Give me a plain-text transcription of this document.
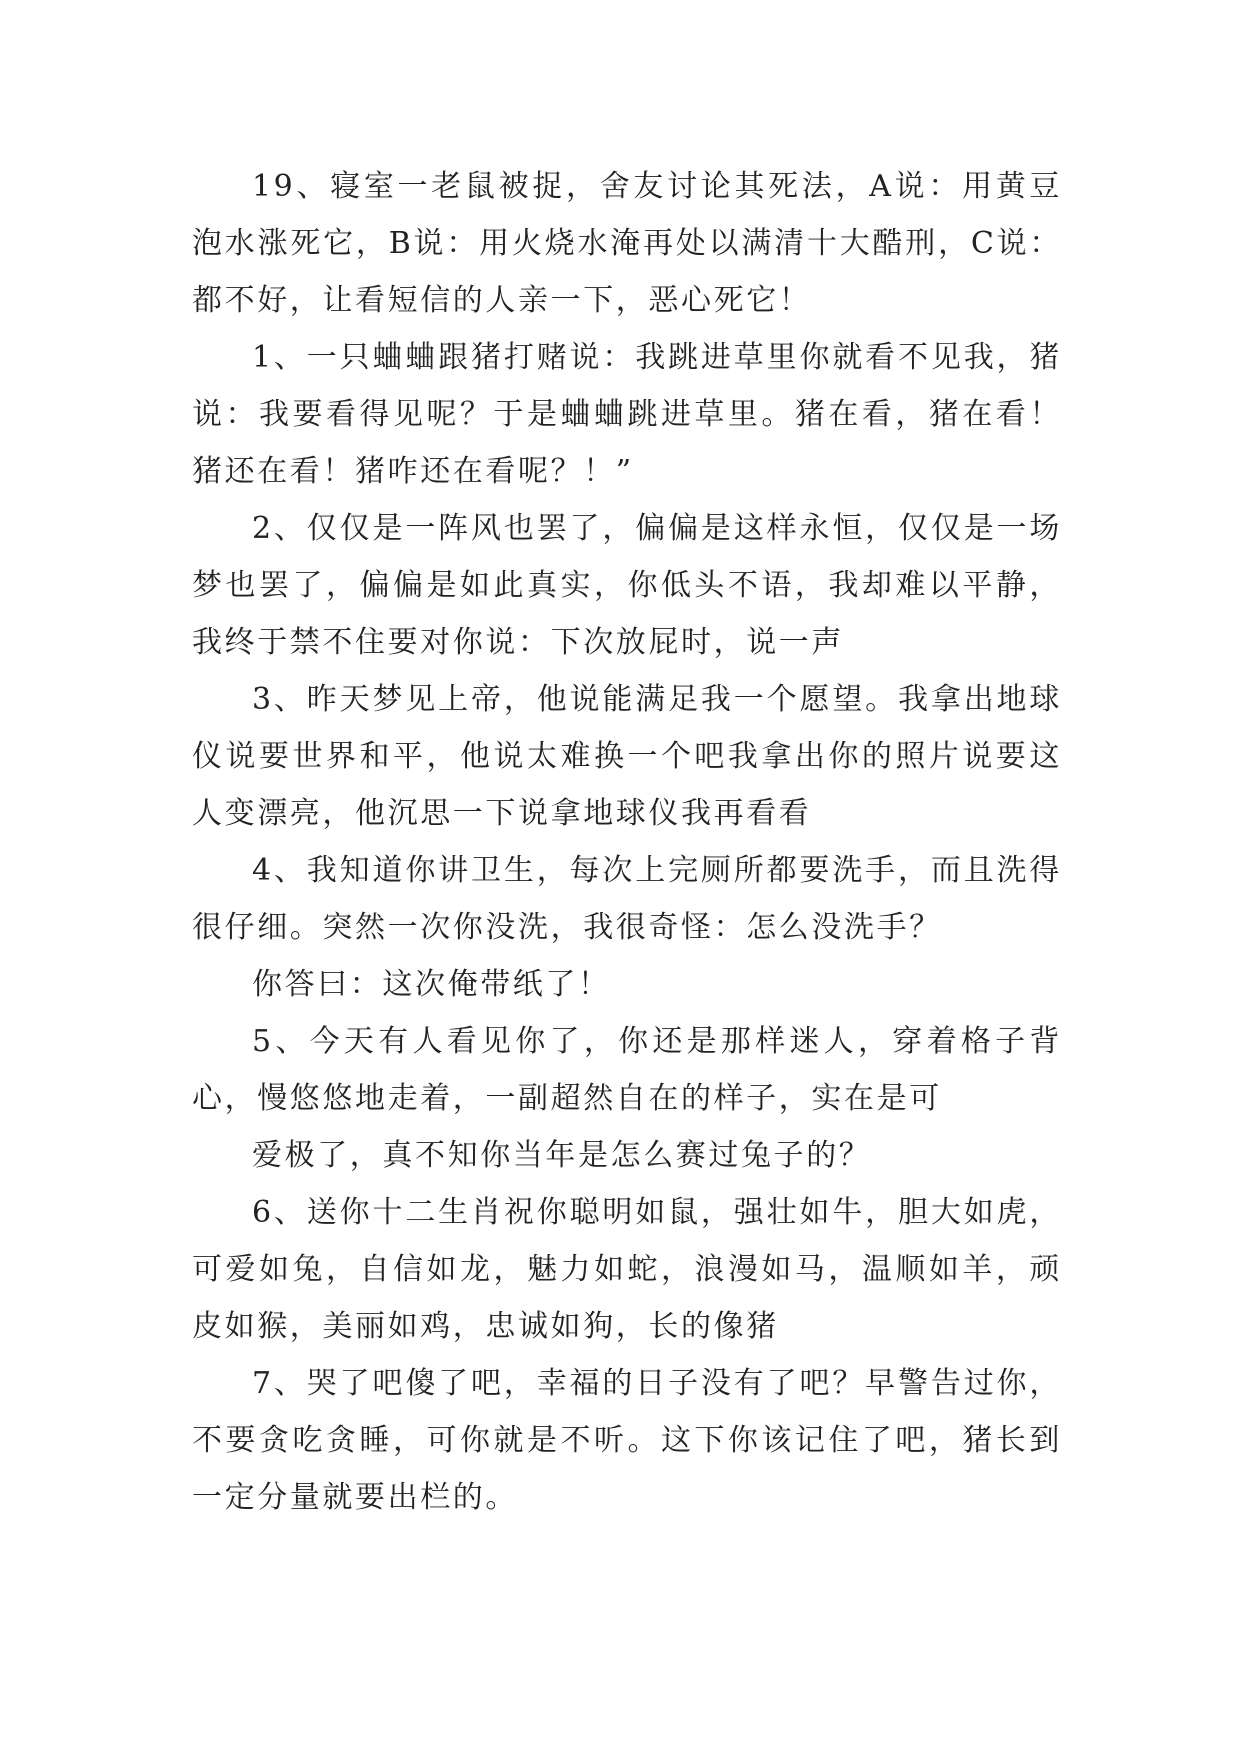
19、寝室一老鼠被捉，舍友讨论其死法，A说：用黄豆泡水涨死它，B说：用火烧水淹再处以满清十大酷刑，C说：都不好，让看短信的人亲一下，恶心死它！

1、一只蛐蛐跟猪打赌说：我跳进草里你就看不见我，猪说：我要看得见呢？于是蛐蛐跳进草里。猪在看，猪在看！猪还在看！猪咋还在看呢？！”

2、仅仅是一阵风也罢了，偏偏是这样永恒，仅仅是一场梦也罢了，偏偏是如此真实，你低头不语，我却难以平静，我终于禁不住要对你说：下次放屁时，说一声

3、昨天梦见上帝，他说能满足我一个愿望。我拿出地球仪说要世界和平，他说太难换一个吧我拿出你的照片说要这人变漂亮，他沉思一下说拿地球仪我再看看

4、我知道你讲卫生，每次上完厕所都要洗手，而且洗得很仔细。突然一次你没洗，我很奇怪：怎么没洗手？

你答曰：这次俺带纸了！

5、今天有人看见你了，你还是那样迷人，穿着格子背心，慢悠悠地走着，一副超然自在的样子，实在是可

爱极了，真不知你当年是怎么赛过兔子的？

6、送你十二生肖祝你聪明如鼠，强壮如牛，胆大如虎，可爱如兔，自信如龙，魅力如蛇，浪漫如马，温顺如羊，顽皮如猴，美丽如鸡，忠诚如狗，长的像猪

7、哭了吧傻了吧，幸福的日子没有了吧？早警告过你，不要贪吃贪睡，可你就是不听。这下你该记住了吧，猪长到一定分量就要出栏的。
